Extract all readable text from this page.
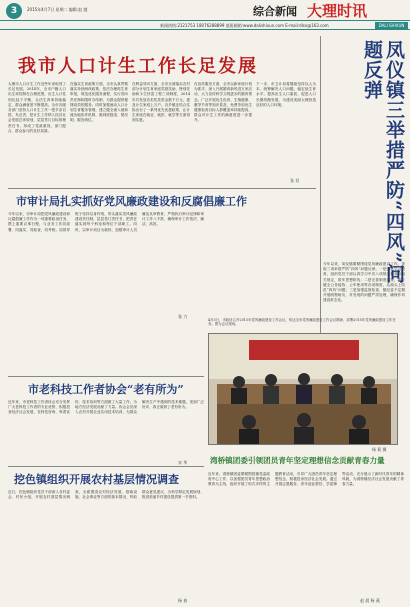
3	2015年4月7日 星期二 编辑:赵 越	综合新闻 大理时讯
新闻热线:2121753 18076288899 值班邮箱:www.dalishixun.com E-mail:dlsx@163.com	DALI SHIXUN
我市人口计生工作长足发展
大理市人口计生工作近些年来取得了长足发展。2014年，全市户籍人口出生率控制在合理范围，出生人口性别比趋于平衡，合法生育率持续稳定，群众满意度不断提高。全市各级各部门坚持人口计生工作一把手亲自抓、负总责，把计生工作纳入经济社会发展总体规划，层层签订目标管理责任书，形成了党政重视、部门配合、群众参与的良好局面。
在落实生育政策方面，全市认真贯彻落实单独两孩政策，依法办理再生育审批，规范优化服务流程，实行首问责任制和限时办结制，为群众提供便捷高效的服务。同时加强流动人口计划生育服务管理，建立健全流入地和流出地协作机制，做到底数清、情况明、服务到位。
在利益导向方面，全市全面落实农村部分计划生育家庭奖励扶助、特别扶助和少生快富工程三项制度，2014年共发放各类奖扶资金数千万元，惠及计生家庭上万户。各乡镇还结合实际出台了一系列优先优惠政策，让计生家庭在就业、就医、就学等方面得到实惠。
在宣传服务方面，全市以新家庭计划为抓手，深入开展婚育新风进万家活动，大力宣传科学文明进步的婚育观念。广泛开展优生优育、生殖健康、避孕节育等知识普及，免费孕前优生健康检查目标人群覆盖率持续提高，群众对计生工作的满意度进一步提升。
下一步，市卫计局将继续坚持以人为本，统筹解决人口问题，稳定低生育水平，提高出生人口素质，促进人口长期均衡发展，为建设美丽大理营造良好的人口环境。
张 君	凤仪镇三举措严防“四风”问题反弹
今年以来，凤仪镇紧紧围绕党风廉政建设工作，采取三项举措严防“四风”问题反弹。一是强化学习教育，组织党员干部认真学习中央八项规定和省市相关规定，筑牢思想防线；二是完善制度建设，建立健全公务接待、公车使用等各项制度，从源头上防范“四风”问题；三是加强监督检查，镇纪委不定期开展明察暗访，对发现的问题严肃处理，确保作风建设常态化。
市审计局扎实抓好党风廉政建设和反腐倡廉工作
今年以来，市审计局把党风廉政建设和反腐倡廉工作作为一项重要政治任务，摆上重要议事日程，与业务工作同部署、同落实、同检查、同考核。局领导班子坚持以身作则，带头落实党风廉政建设责任制，层层签订责任书，把责任落实到每个科室和每位干部职工。同时，以审计项目为载体，加强审计人员廉洁从审教育，严格执行审计纪律和审计工作八不准，确保审计工作依法、廉洁、高效。
张 力
4月3日，市政协召开2015年党风廉政建设工作会议，传达全市党风廉政建设工作会议精神，部署2015年党风廉政建设工作任务。图为会议现场。
杨 莉 摄
市老科技工作者协会“老有所为”
近年来，市老科技工作者协会充分发挥广大老科技工作者的专业优势，积极投身经济社会发展，在科技咨询、科普宣传、技术培训等方面做了大量工作，为地方经济发展贡献了力量。协会会员深入农村开展农业实用技术培训，为群众解决生产中遇到的技术难题，受到广泛好评，真正做到了老有所为。
宋 华
挖色镇组织开展农村基层情况调查
近日，挖色镇组织党员干部深入各村委会、村民小组，开展农村基层情况调查，全面摸清农村经济发展、基础设施、社会事业等方面的基本情况，听取群众意见建议，为科学制定发展规划、推进美丽乡村建设提供第一手资料。
杨 春
湾桥镇团委引领团员青年坚定理想信念贡献青春力量
近年来，湾桥镇团委紧紧围绕镇党委政府中心工作，以加强团员青年思想政治教育为主线，组织开展了形式多样的主题教育活动，引导广大团员青年坚定理想信念，积极投身经济社会发展。通过开展志愿服务、青年创业帮扶、学雷锋等活动，充分展示了新时代青年的精神风貌，为湾桥镇经济社会发展贡献了青春力量。
赵 晨 杨 燕
